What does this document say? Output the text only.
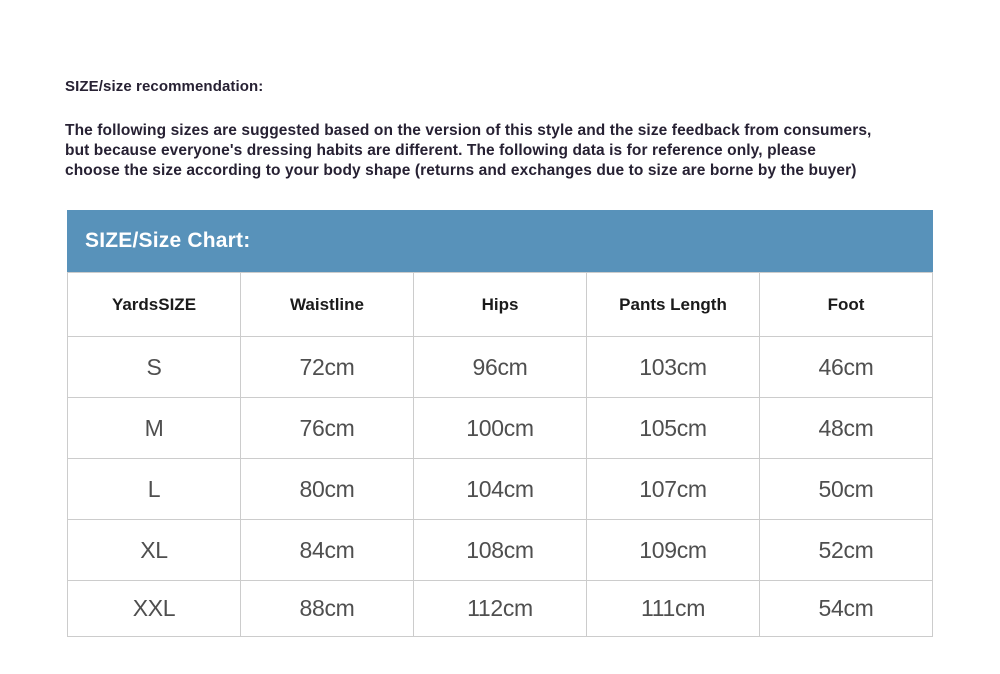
SIZE/size recommendation:
The following sizes are suggested based on the version of this style and the size feedback from consumers,
but because everyone's dressing habits are different. The following data is for reference only, please
choose the size according to your body shape (returns and exchanges due to size are borne by the buyer)
SIZE/Size Chart:
YardsSIZE	Waistline	Hips	Pants Length	Foot
S	72cm	96cm	103cm	46cm
M	76cm	100cm	105cm	48cm
L	80cm	104cm	107cm	50cm
XL	84cm	108cm	109cm	52cm
XXL	88cm	112cm	111cm	54cm
